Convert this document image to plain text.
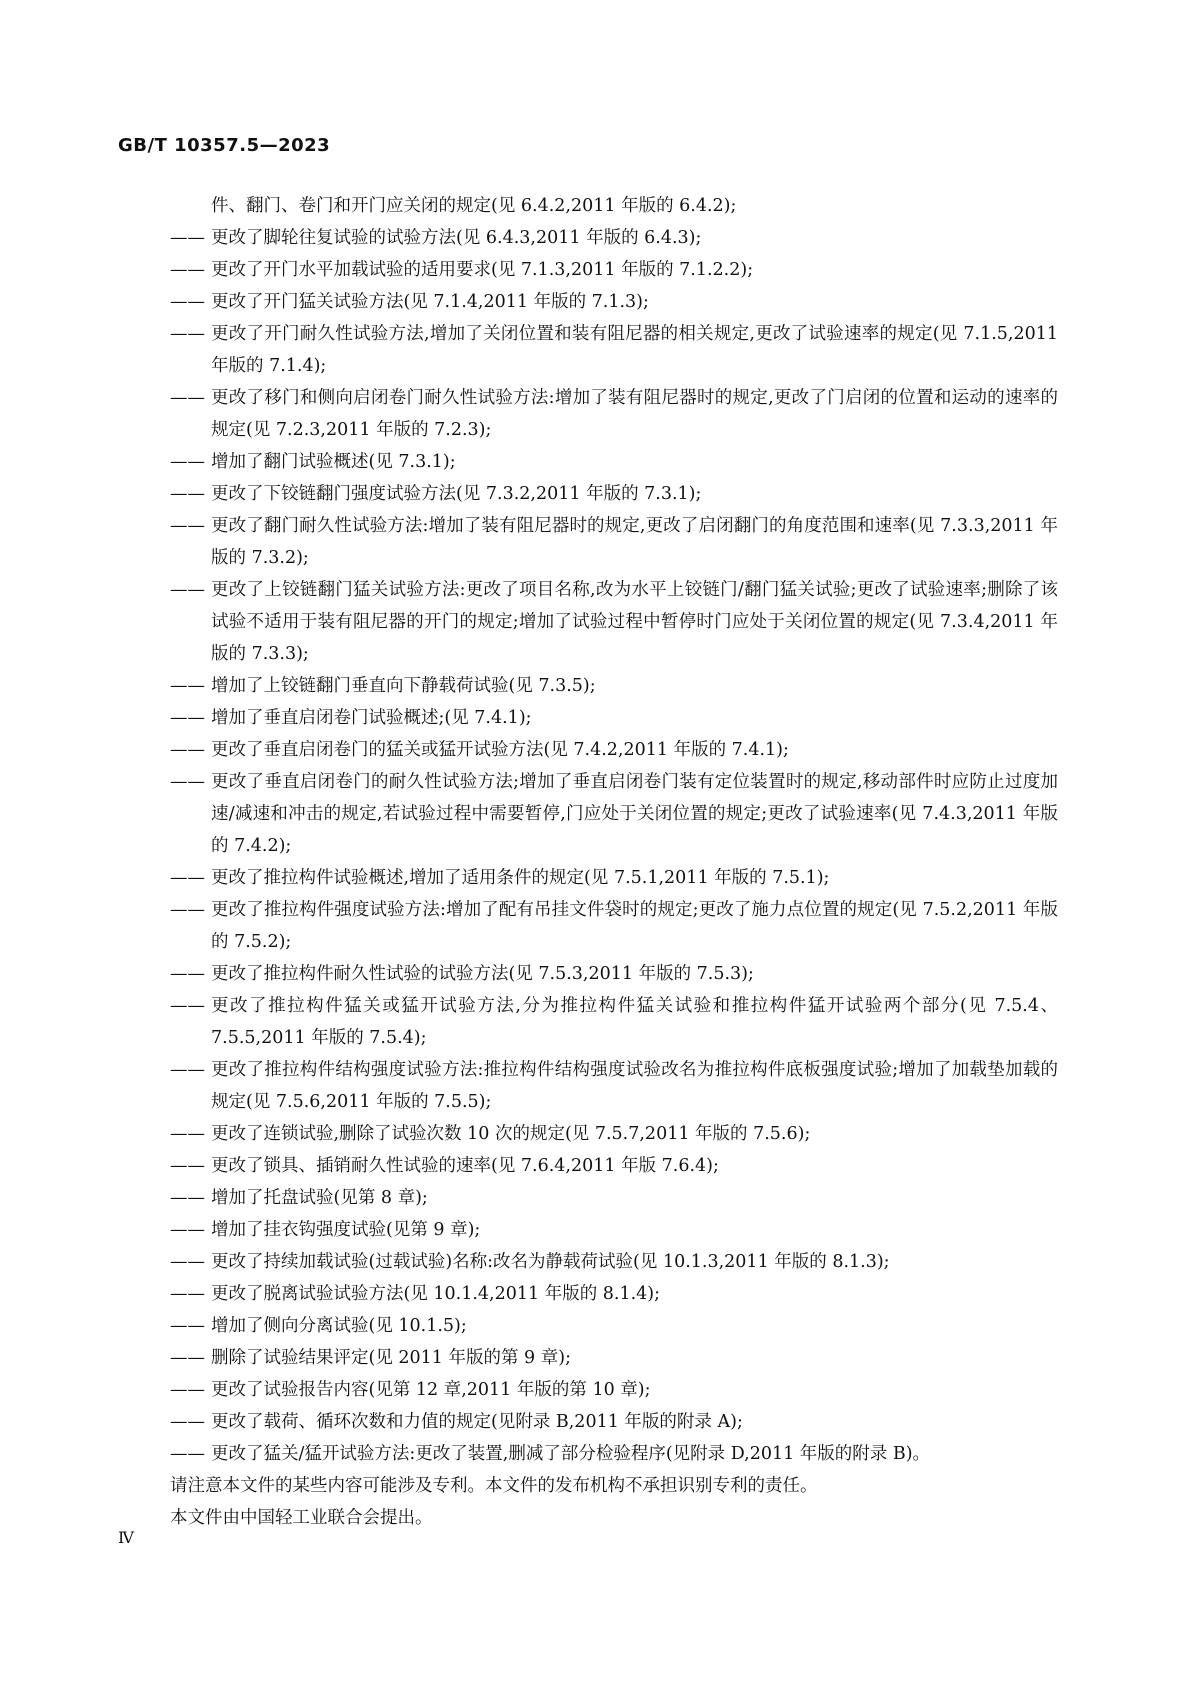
GB/T 10357.5—2023
件、翻门、卷门和开门应关闭的规定(见 6.4.2,2011 年版的 6.4.2);
—— 更改了脚轮往复试验的试验方法(见 6.4.3,2011 年版的 6.4.3);
—— 更改了开门水平加载试验的适用要求(见 7.1.3,2011 年版的 7.1.2.2);
—— 更改了开门猛关试验方法(见 7.1.4,2011 年版的 7.1.3);
—— 更改了开门耐久性试验方法,增加了关闭位置和装有阻尼器的相关规定,更改了试验速率的规定(见 7.1.5,2011 年版的 7.1.4);
—— 更改了移门和侧向启闭卷门耐久性试验方法:增加了装有阻尼器时的规定,更改了门启闭的位置和运动的速率的规定(见 7.2.3,2011 年版的 7.2.3);
—— 增加了翻门试验概述(见 7.3.1);
—— 更改了下铰链翻门强度试验方法(见 7.3.2,2011 年版的 7.3.1);
—— 更改了翻门耐久性试验方法:增加了装有阻尼器时的规定,更改了启闭翻门的角度范围和速率(见 7.3.3,2011 年版的 7.3.2);
—— 更改了上铰链翻门猛关试验方法:更改了项目名称,改为水平上铰链门/翻门猛关试验;更改了试验速率;删除了该试验不适用于装有阻尼器的开门的规定;增加了试验过程中暂停时门应处于关闭位置的规定(见 7.3.4,2011 年版的 7.3.3);
—— 增加了上铰链翻门垂直向下静载荷试验(见 7.3.5);
—— 增加了垂直启闭卷门试验概述;(见 7.4.1);
—— 更改了垂直启闭卷门的猛关或猛开试验方法(见 7.4.2,2011 年版的 7.4.1);
—— 更改了垂直启闭卷门的耐久性试验方法;增加了垂直启闭卷门装有定位装置时的规定,移动部件时应防止过度加速/减速和冲击的规定,若试验过程中需要暂停,门应处于关闭位置的规定;更改了试验速率(见 7.4.3,2011 年版的 7.4.2);
—— 更改了推拉构件试验概述,增加了适用条件的规定(见 7.5.1,2011 年版的 7.5.1);
—— 更改了推拉构件强度试验方法:增加了配有吊挂文件袋时的规定;更改了施力点位置的规定(见 7.5.2,2011 年版的 7.5.2);
—— 更改了推拉构件耐久性试验的试验方法(见 7.5.3,2011 年版的 7.5.3);
—— 更改了推拉构件猛关或猛开试验方法,分为推拉构件猛关试验和推拉构件猛开试验两个部分(见 7.5.4、7.5.5,2011 年版的 7.5.4);
—— 更改了推拉构件结构强度试验方法:推拉构件结构强度试验改名为推拉构件底板强度试验;增加了加载垫加载的规定(见 7.5.6,2011 年版的 7.5.5);
—— 更改了连锁试验,删除了试验次数 10 次的规定(见 7.5.7,2011 年版的 7.5.6);
—— 更改了锁具、插销耐久性试验的速率(见 7.6.4,2011 年版 7.6.4);
—— 增加了托盘试验(见第 8 章);
—— 增加了挂衣钩强度试验(见第 9 章);
—— 更改了持续加载试验(过载试验)名称:改名为静载荷试验(见 10.1.3,2011 年版的 8.1.3);
—— 更改了脱离试验试验方法(见 10.1.4,2011 年版的 8.1.4);
—— 增加了侧向分离试验(见 10.1.5);
—— 删除了试验结果评定(见 2011 年版的第 9 章);
—— 更改了试验报告内容(见第 12 章,2011 年版的第 10 章);
—— 更改了载荷、循环次数和力值的规定(见附录 B,2011 年版的附录 A);
—— 更改了猛关/猛开试验方法:更改了装置,删减了部分检验程序(见附录 D,2011 年版的附录 B)。
请注意本文件的某些内容可能涉及专利。本文件的发布机构不承担识别专利的责任。
本文件由中国轻工业联合会提出。
Ⅳ
